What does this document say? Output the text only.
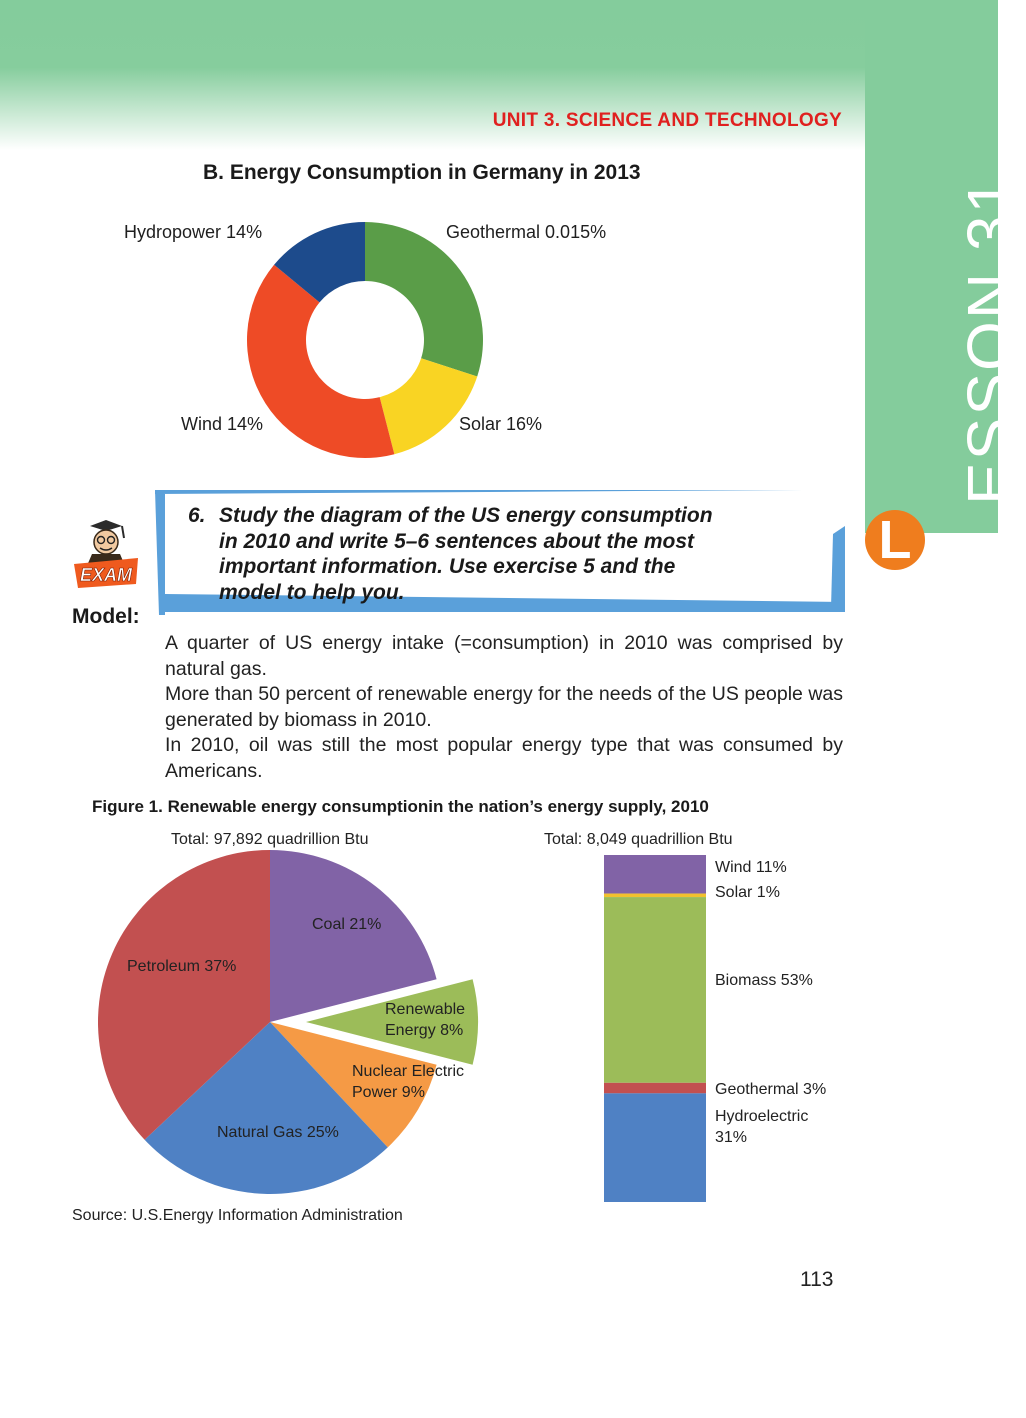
ESSON 31
L
UNIT 3. SCIENCE AND TECHNOLOGY
B. Energy Consumption in Germany in 2013
Hydropower 14%	Geothermal 0.015%
Wind 14%	Solar 16%
EXAM
6. Study the diagram of the US energy consumption
in 2010 and write 5–6 sentences about the most
important information. Use exercise 5 and the
model to help you.
Model:

A quarter of US energy intake (=consumption) in 2010 was comprised by natural gas.

More than 50 percent of renewable energy for the needs of the US people was generated by biomass in 2010.

In 2010, oil was still the most popular energy type that was consumed by Americans.

Figure 1. Renewable energy consumptionin the nation’s energy supply, 2010
Total: 97,892 quadrillion Btu	Total: 8,049 quadrillion Btu
Coal 21%
Petroleum 37%
Renewable Energy 8%
Nuclear Electric Power 9%
Natural Gas 25%
Wind 11%
Solar 1%
Biomass 53%
Geothermal 3%
Hydroelectric 31%
Source: U.S.Energy Information Administration
113
